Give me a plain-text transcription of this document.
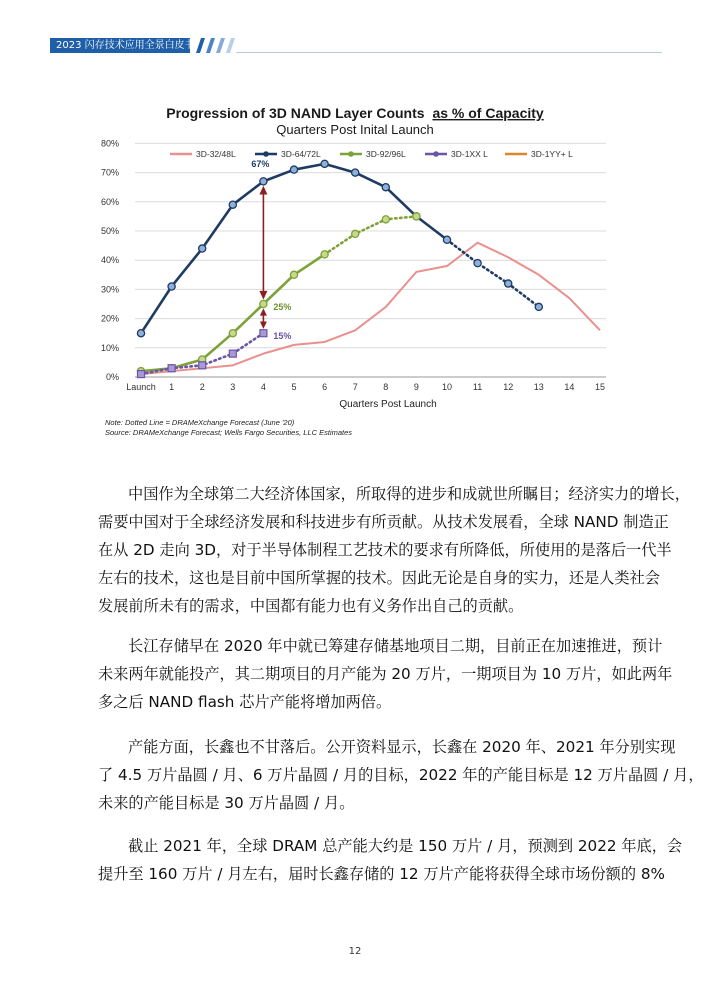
2023 闪存技术应用全景白皮书
Progression of 3D NAND Layer Counts as % of Capacity
Quarters Post Inital Launch
3D-32/48L	3D-64/72L	3D-92/96L	3D-1XX L	3D-1YY+ L
0%
10%
20%
30%
40%
50%
60%
70%
80%
Launch 1	2	3	4	5	6	7	8	9	10 11 12 13 14 15
67%
25%
15%
Quarters Post Launch
Note: Dotted Line = DRAMeXchange Forecast (June '20)
Source: DRAMeXchange Forecast; Wells Fargo Securities, LLC Estimates
中国作为全球第二大经济体国家，所取得的进步和成就世所瞩目；经济实力的增长，
需要中国对于全球经济发展和科技进步有所贡献。从技术发展看，全球 NAND 制造正
在从 2D 走向 3D，对于半导体制程工艺技术的要求有所降低，所使用的是落后一代半
左右的技术，这也是目前中国所掌握的技术。因此无论是自身的实力，还是人类社会
发展前所未有的需求，中国都有能力也有义务作出自己的贡献。
长江存储早在 2020 年中就已筹建存储基地项目二期，目前正在加速推进，预计
未来两年就能投产，其二期项目的月产能为 20 万片，一期项目为 10 万片，如此两年
多之后 NAND flash 芯片产能将增加两倍。
产能方面，长鑫也不甘落后。公开资料显示，长鑫在 2020 年、2021 年分别实现
了 4.5 万片晶圆 / 月、6 万片晶圆 / 月的目标，2022 年的产能目标是 12 万片晶圆 / 月，
未来的产能目标是 30 万片晶圆 / 月。
截止 2021 年，全球 DRAM 总产能大约是 150 万片 / 月，预测到 2022 年底，会
提升至 160 万片 / 月左右，届时长鑫存储的 12 万片产能将获得全球市场份额的 8%
12
